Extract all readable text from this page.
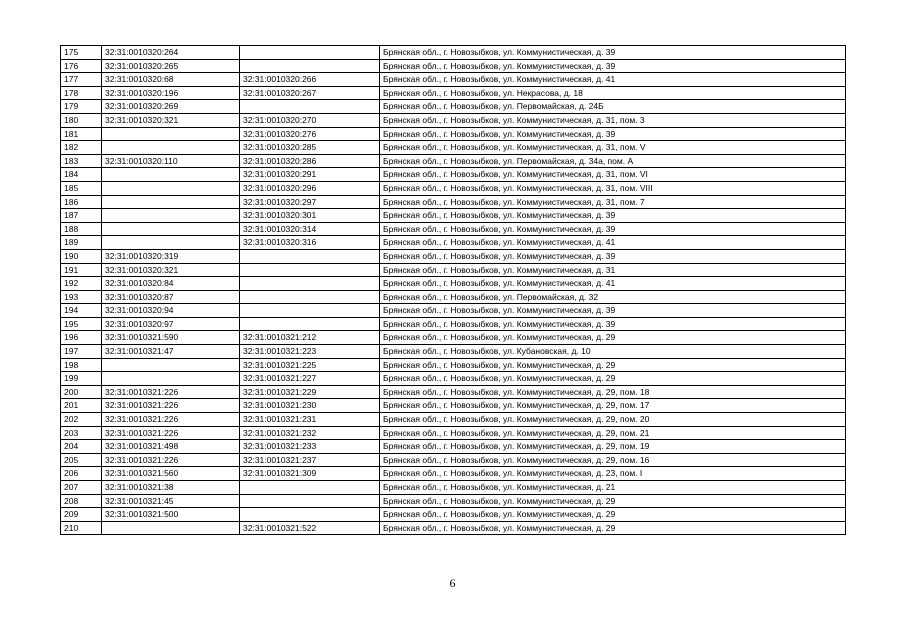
175	32:31:0010320:264		Брянская обл., г. Новозыбков, ул. Коммунистическая, д. 39
176	32:31:0010320:265		Брянская обл., г. Новозыбков, ул. Коммунистическая, д. 39
177	32:31:0010320:68	32:31:0010320:266	Брянская обл., г. Новозыбков, ул. Коммунистическая, д. 41
178	32:31:0010320:196	32:31:0010320:267	Брянская обл., г. Новозыбков, ул. Некрасова, д. 18
179	32:31:0010320:269		Брянская обл., г. Новозыбков, ул. Первомайская, д. 24Б
180	32:31:0010320:321	32:31:0010320:270	Брянская обл., г. Новозыбков, ул. Коммунистическая, д. 31, пом. 3
181		32:31:0010320:276	Брянская обл., г. Новозыбков, ул. Коммунистическая, д. 39
182		32:31:0010320:285	Брянская обл., г. Новозыбков, ул. Коммунистическая, д. 31, пом. V
183	32:31:0010320:110	32:31:0010320:286	Брянская обл., г. Новозыбков, ул. Первомайская, д. 34а, пом. А
184		32:31:0010320:291	Брянская обл., г. Новозыбков, ул. Коммунистическая, д. 31, пом. VI
185		32:31:0010320:296	Брянская обл., г. Новозыбков, ул. Коммунистическая, д. 31, пом. VIII
186		32:31:0010320:297	Брянская обл., г. Новозыбков, ул. Коммунистическая, д. 31, пом. 7
187		32:31:0010320:301	Брянская обл., г. Новозыбков, ул. Коммунистическая, д. 39
188		32:31:0010320:314	Брянская обл., г. Новозыбков, ул. Коммунистическая, д. 39
189		32:31:0010320:316	Брянская обл., г. Новозыбков, ул. Коммунистическая, д. 41
190	32:31:0010320:319		Брянская обл., г. Новозыбков, ул. Коммунистическая, д. 39
191	32:31:0010320:321		Брянская обл., г. Новозыбков, ул. Коммунистическая, д. 31
192	32:31:0010320:84		Брянская обл., г. Новозыбков, ул. Коммунистическая, д. 41
193	32:31:0010320:87		Брянская обл., г. Новозыбков, ул. Первомайская, д. 32
194	32:31:0010320:94		Брянская обл., г. Новозыбков, ул. Коммунистическая, д. 39
195	32:31:0010320:97		Брянская обл., г. Новозыбков, ул. Коммунистическая, д. 39
196	32:31:0010321:590	32:31:0010321:212	Брянская обл., г. Новозыбков, ул. Коммунистическая, д. 29
197	32:31:0010321:47	32:31:0010321:223	Брянская обл., г. Новозыбков, ул. Кубановская, д. 10
198		32:31:0010321:225	Брянская обл., г. Новозыбков, ул. Коммунистическая, д. 29
199		32:31:0010321:227	Брянская обл., г. Новозыбков, ул. Коммунистическая, д. 29
200	32:31:0010321:226	32:31:0010321:229	Брянская обл., г. Новозыбков, ул. Коммунистическая, д. 29, пом. 18
201	32:31:0010321:226	32:31:0010321:230	Брянская обл., г. Новозыбков, ул. Коммунистическая, д. 29, пом. 17
202	32:31:0010321:226	32:31:0010321:231	Брянская обл., г. Новозыбков, ул. Коммунистическая, д. 29, пом. 20
203	32:31:0010321:226	32:31:0010321:232	Брянская обл., г. Новозыбков, ул. Коммунистическая, д. 29, пом. 21
204	32:31:0010321:498	32:31:0010321:233	Брянская обл., г. Новозыбков, ул. Коммунистическая, д. 29, пом. 19
205	32:31:0010321:226	32:31:0010321:237	Брянская обл., г. Новозыбков, ул. Коммунистическая, д. 29, пом. 16
206	32:31:0010321:560	32:31:0010321:309	Брянская обл., г. Новозыбков, ул. Коммунистическая, д. 23, пом. I
207	32:31:0010321:38		Брянская обл., г. Новозыбков, ул. Коммунистическая, д. 21
208	32:31:0010321:45		Брянская обл., г. Новозыбков, ул. Коммунистическая, д. 29
209	32:31:0010321:500		Брянская обл., г. Новозыбков, ул. Коммунистическая, д. 29
210		32:31:0010321:522	Брянская обл., г. Новозыбков, ул. Коммунистическая, д. 29
6
